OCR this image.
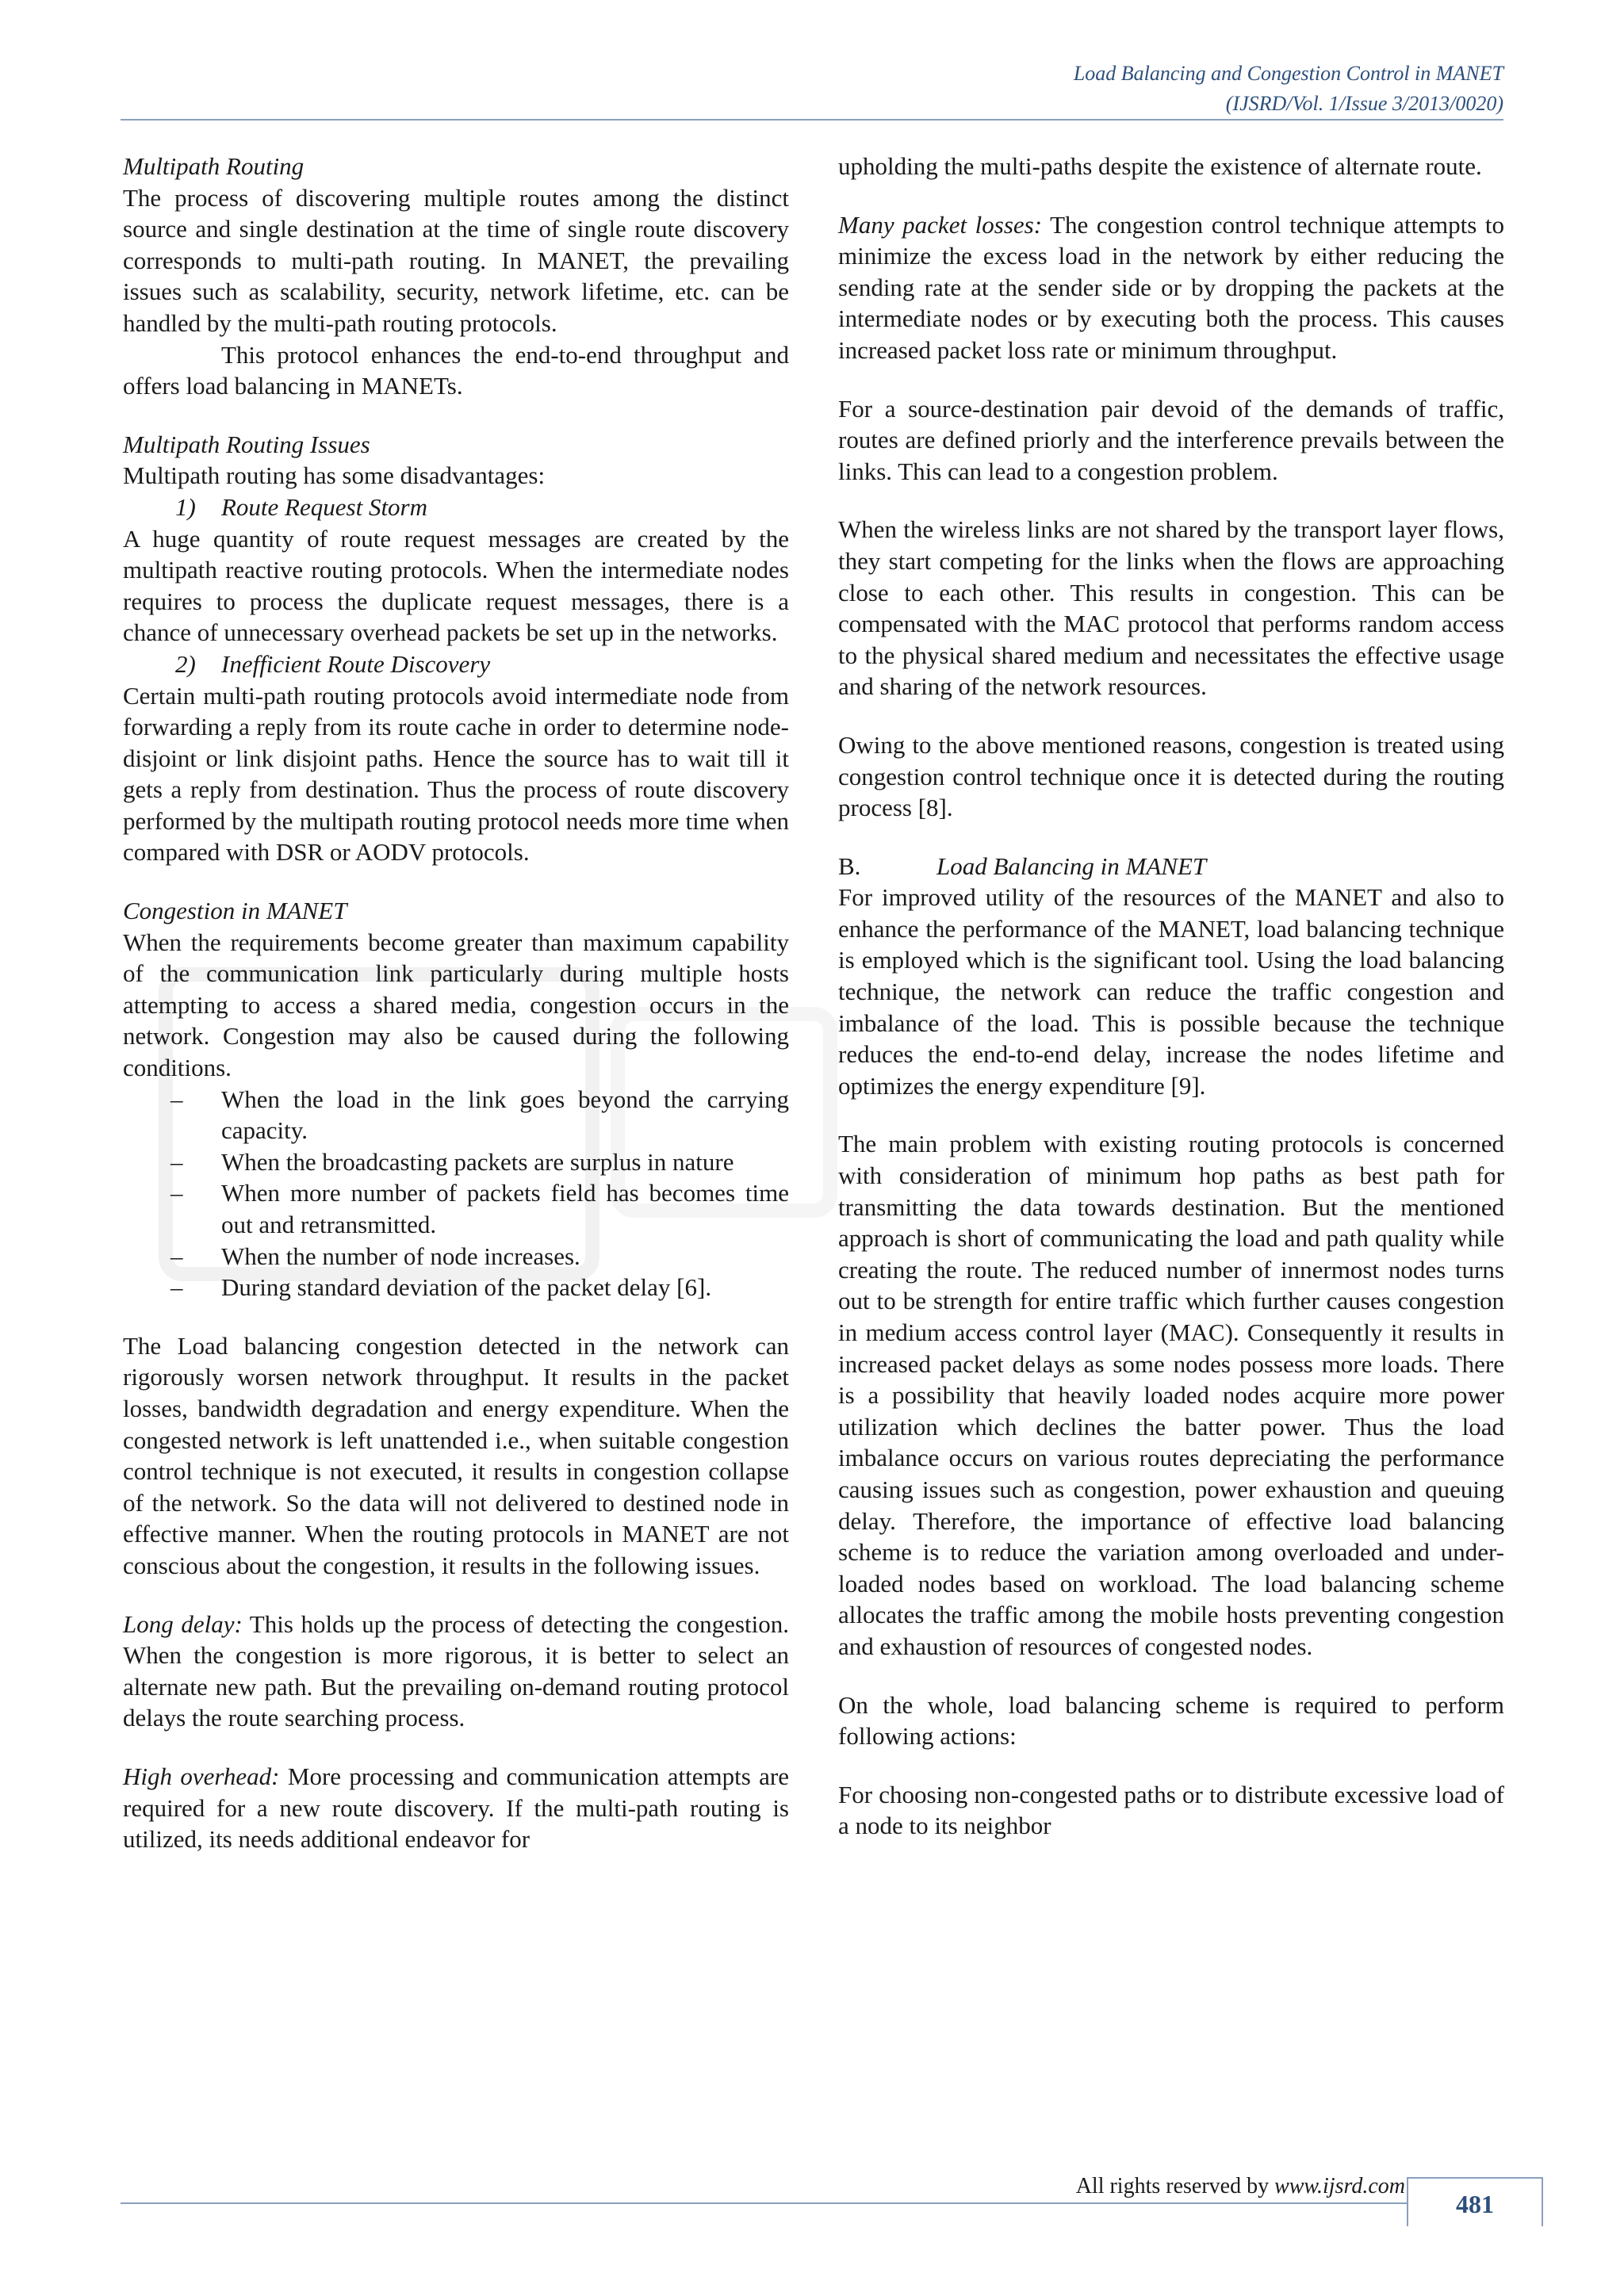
Load Balancing and Congestion Control in MANET
(IJSRD/Vol. 1/Issue 3/2013/0020)

Multipath Routing

The process of discovering multiple routes among the distinct source and single destination at the time of single route discovery corresponds to multi-path routing. In MANET, the prevailing issues such as scalability, security, network lifetime, etc. can be handled by the multi-path routing protocols.

This protocol enhances the end-to-end throughput and offers load balancing in MANETs.

Multipath Routing Issues

Multipath routing has some disadvantages:

1) Route Request Storm

A huge quantity of route request messages are created by the multipath reactive routing protocols. When the intermediate nodes requires to process the duplicate request messages, there is a chance of unnecessary overhead packets be set up in the networks.

2) Inefficient Route Discovery

Certain multi-path routing protocols avoid intermediate node from forwarding a reply from its route cache in order to determine node-disjoint or link disjoint paths. Hence the source has to wait till it gets a reply from destination. Thus the process of route discovery performed by the multipath routing protocol needs more time when compared with DSR or AODV protocols.

Congestion in MANET

When the requirements become greater than maximum capability of the communication link particularly during multiple hosts attempting to access a shared media, congestion occurs in the network. Congestion may also be caused during the following conditions.

– When the load in the link goes beyond the carrying capacity.
– When the broadcasting packets are surplus in nature
– When more number of packets field has becomes time out and retransmitted.
– When the number of node increases.
– During standard deviation of the packet delay [6].

The Load balancing congestion detected in the network can rigorously worsen network throughput. It results in the packet losses, bandwidth degradation and energy expenditure. When the congested network is left unattended i.e., when suitable congestion control technique is not executed, it results in congestion collapse of the network. So the data will not delivered to destined node in effective manner. When the routing protocols in MANET are not conscious about the congestion, it results in the following issues.

Long delay: This holds up the process of detecting the congestion. When the congestion is more rigorous, it is better to select an alternate new path. But the prevailing on-demand routing protocol delays the route searching process.

High overhead: More processing and communication attempts are required for a new route discovery. If the multi-path routing is utilized, its needs additional endeavor for

upholding the multi-paths despite the existence of alternate route.

Many packet losses: The congestion control technique attempts to minimize the excess load in the network by either reducing the sending rate at the sender side or by dropping the packets at the intermediate nodes or by executing both the process. This causes increased packet loss rate or minimum throughput.

For a source-destination pair devoid of the demands of traffic, routes are defined priorly and the interference prevails between the links. This can lead to a congestion problem.

When the wireless links are not shared by the transport layer flows, they start competing for the links when the flows are approaching close to each other. This results in congestion. This can be compensated with the MAC protocol that performs random access to the physical shared medium and necessitates the effective usage and sharing of the network resources.

Owing to the above mentioned reasons, congestion is treated using congestion control technique once it is detected during the routing process [8].

B.	Load Balancing in MANET

For improved utility of the resources of the MANET and also to enhance the performance of the MANET, load balancing technique is employed which is the significant tool. Using the load balancing technique, the network can reduce the traffic congestion and imbalance of the load. This is possible because the technique reduces the end-to-end delay, increase the nodes lifetime and optimizes the energy expenditure [9].

The main problem with existing routing protocols is concerned with consideration of minimum hop paths as best path for transmitting the data towards destination. But the mentioned approach is short of communicating the load and path quality while creating the route. The reduced number of innermost nodes turns out to be strength for entire traffic which further causes congestion in medium access control layer (MAC). Consequently it results in increased packet delays as some nodes possess more loads. There is a possibility that heavily loaded nodes acquire more power utilization which declines the batter power. Thus the load imbalance occurs on various routes depreciating the performance causing issues such as congestion, power exhaustion and queuing delay. Therefore, the importance of effective load balancing scheme is to reduce the variation among overloaded and under-loaded nodes based on workload. The load balancing scheme allocates the traffic among the mobile hosts preventing congestion and exhaustion of resources of congested nodes.

On the whole, load balancing scheme is required to perform following actions:

For choosing non-congested paths or to distribute excessive load of a node to its neighbor

All rights reserved by www.ijsrd.com
481
